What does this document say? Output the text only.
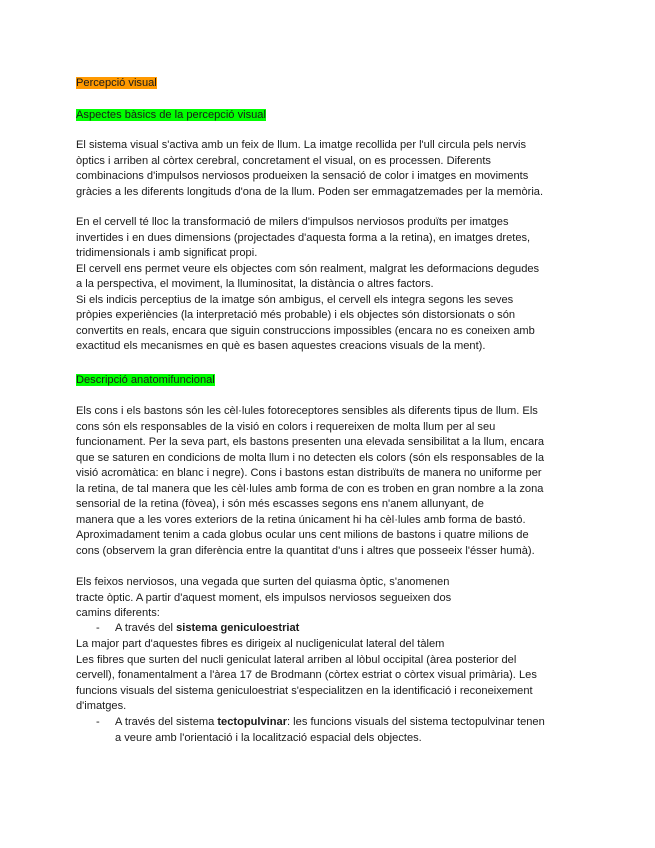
Percepció visual
Aspectes bàsics de la percepció visual
El sistema visual s'activa amb un feix de llum. La imatge recollida per l'ull circula pels nervis
òptics i arriben al còrtex cerebral, concretament el visual, on es processen. Diferents
combinacions d'impulsos nerviosos produeixen la sensació de color i imatges en moviments
gràcies a les diferents longituds d'ona de la llum. Poden ser emmagatzemades per la memòria.
En el cervell té lloc la transformació de milers d'impulsos nerviosos produïts per imatges
invertides i en dues dimensions (projectades d'aquesta forma a la retina), en imatges dretes,
tridimensionals i amb significat propi.
El cervell ens permet veure els objectes com són realment, malgrat les deformacions degudes
a la perspectiva, el moviment, la lluminositat, la distància o altres factors.
Si els indicis perceptius de la imatge són ambigus, el cervell els integra segons les seves
pròpies experiències (la interpretació més probable) i els objectes són distorsionats o són
convertits en reals, encara que siguin construccions impossibles (encara no es coneixen amb
exactitud els mecanismes en què es basen aquestes creacions visuals de la ment).
Descripció anatomifuncional
Els cons i els bastons són les cèl·lules fotoreceptores sensibles als diferents tipus de llum. Els
cons són els responsables de la visió en colors i requereixen de molta llum per al seu
funcionament. Per la seva part, els bastons presenten una elevada sensibilitat a la llum, encara
que se saturen en condicions de molta llum i no detecten els colors (són els responsables de la
visió acromàtica: en blanc i negre). Cons i bastons estan distribuïts de manera no uniforme per
la retina, de tal manera que les cèl·lules amb forma de con es troben en gran nombre a la zona
sensorial de la retina (fòvea), i són més escasses segons ens n'anem allunyant, de
manera que a les vores exteriors de la retina únicament hi ha cèl·lules amb forma de bastó.
Aproximadament tenim a cada globus ocular uns cent milions de bastons i quatre milions de
cons (observem la gran diferència entre la quantitat d'uns i altres que posseeix l'ésser humà).
Els feixos nerviosos, una vegada que surten del quiasma òptic, s'anomenen
tracte òptic. A partir d'aquest moment, els impulsos nerviosos segueixen dos
camins diferents:
- A través del sistema geniculoestriat
La major part d'aquestes fibres es dirigeix al nucligeniculat lateral del tàlem
Les fibres que surten del nucli geniculat lateral arriben al lòbul occipital (àrea posterior del
cervell), fonamentalment a l'àrea 17 de Brodmann (còrtex estriat o còrtex visual primària). Les
funcions visuals del sistema geniculoestriat s'especialitzen en la identificació i reconeixement
d'imatges.
- A través del sistema tectopulvinar: les funcions visuals del sistema tectopulvinar tenen
a veure amb l'orientació i la localització espacial dels objectes.
